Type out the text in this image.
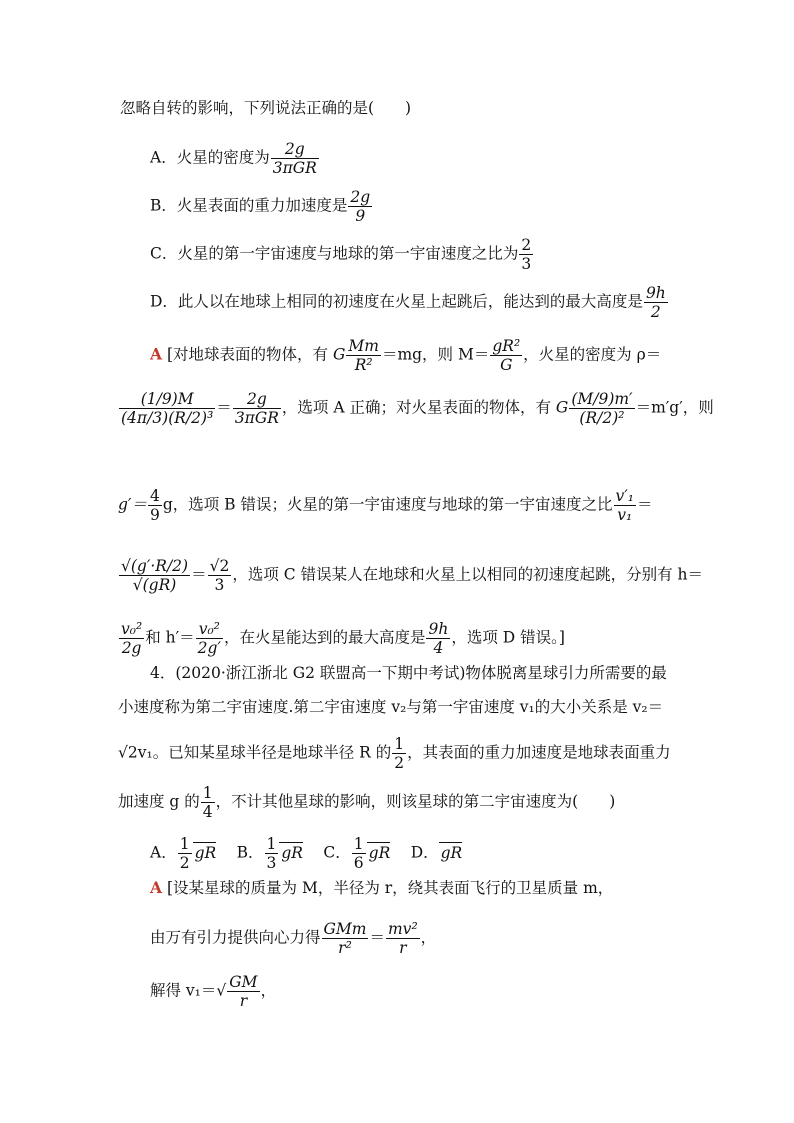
忽略自转的影响，下列说法正确的是(　　)
A．火星的密度为 $\frac{2g}{\text{3πGR}}$
B．火星表面的重力加速度是 $\frac{2g}{9}$
C．火星的第一宇宙速度与地球的第一宇宙速度之比为 $\frac{2}{3}$
D．此人以在地球上相同的初速度在火星上起跳后，能达到的最大高度是 $\frac{9h}{2}$
A [对地球表面的物体，有 G $\frac{Mm}{\text{R²}} =mg$，则 $M= \frac{\text{gR²}}{G}$ ，火星的密度为 ρ＝
$\frac{(1/9)M}{\text{(4π/3)(R/2)³}} = \frac{2g}{\text{3πGR}}$ ，选项 A 正确；对火星表面的物体，有 G $\frac{(M/9)m'}{\text{(R/2)²}} =m'g'$，则
$g'= \frac{4}{9}$ g，选项 B 错误；火星的第一宇宙速度与地球的第一宇宙速度之比 $\frac{\text{v′₁}}{\text{v₁}}$ ＝
$\frac{√(g'\cdot R/2)}{√(gR)} = \frac{√2}{3}$ ，选项 C 错误某人在地球和火星上以相同的初速度起跳，分别有 h＝
$\frac{\text{v₀²}}{2g}$ 和 $h'= \frac{\text{v₀²}}{2g'}$ ，在火星能达到的最大高度是 $\frac{9h}{4}$ ，选项 D 错误。]
4．(2020·浙江浙北 G2 联盟高一下期中考试)物体脱离星球引力所需要的最
小速度称为第二宇宙速度.第二宇宙速度 v₂与第一宇宙速度 v₁的大小关系是 v₂＝
√2v₁。已知某星球半径是地球半径 R 的 $\frac{1}{2}$ ，其表面的重力加速度是地球表面重力
加速度 g 的 $\frac{1}{4}$ ，不计其他星球的影响，则该星球的第二宇宙速度为(　　)
A． $\frac{1}{2}$ gR　 B． $\frac{1}{3}$ gR　 C． $\frac{1}{6}$ gR　 D． gR
A [设某星球的质量为 M，半径为 r，绕其表面飞行的卫星质量 m，
由万有引力提供向心力得 $\frac{\text{GMm}}{\text{r²}} = \frac{\text{mv²}}{r}$ ，
解得 $v_1=√ \frac{GM}{r}$ ，
